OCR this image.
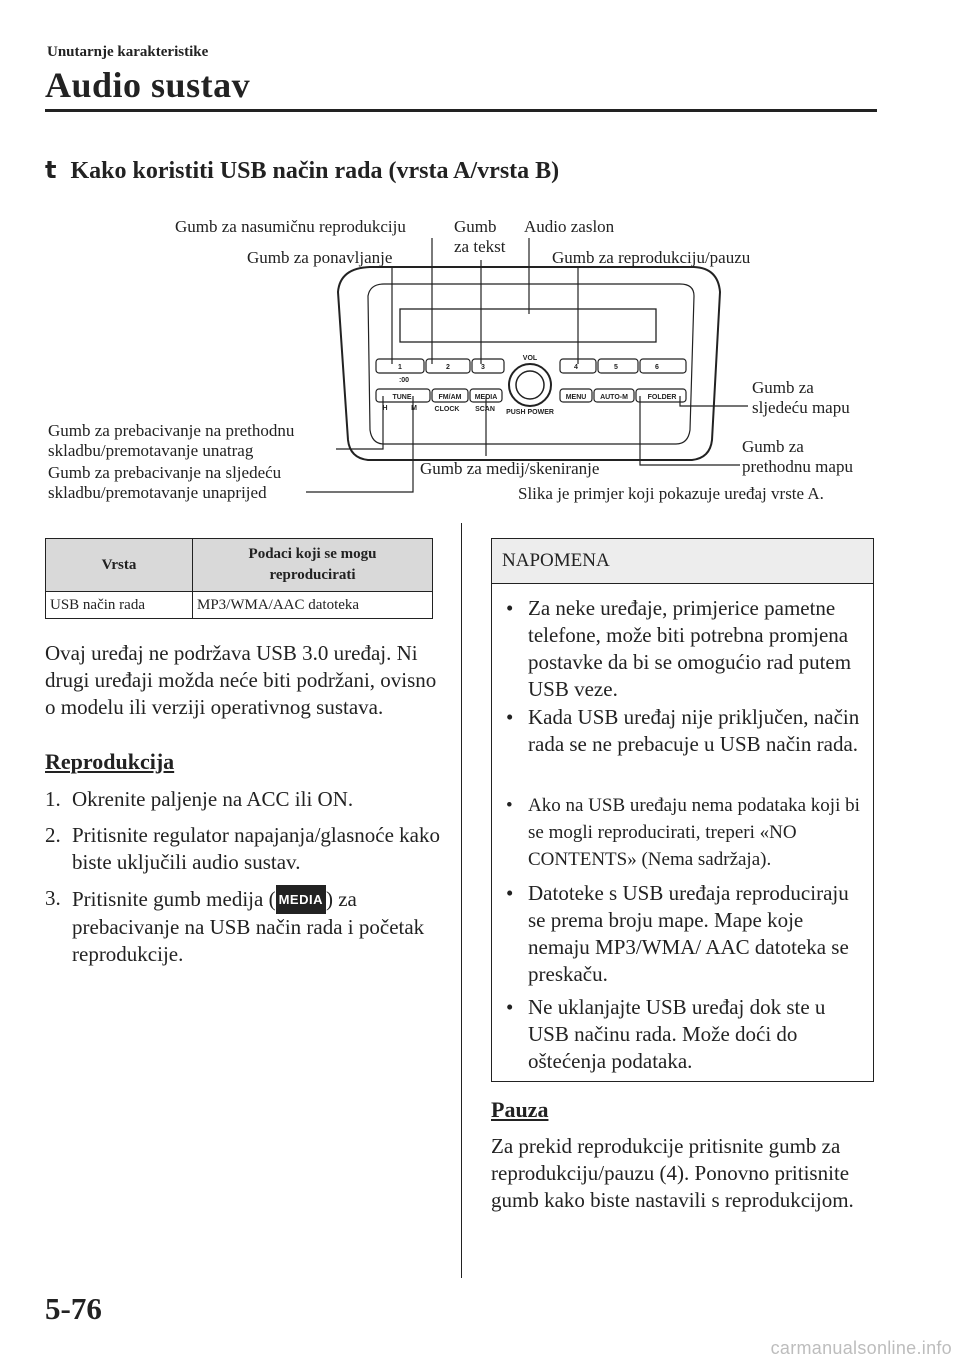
Unutarnje karakteristike
Audio sustav
t Kako koristiti USB način rada (vrsta A/vrsta B)
1	2	3	4	5	6
VOL
:00
TUNE	FM/AM MEDIA	MENU AUTO-M	FOLDER
CLOCK SCAN PUSH POWER
H	M
Gumb za nasumičnu reprodukciju
Gumb za ponavljanje
Gumb
za tekst
Audio zaslon
Gumb za reprodukciju/pauzu
Gumb za
sljedeću mapu
Gumb za prebacivanje na prethodnu
skladbu/premotavanje unatrag	Gumb za
prethodnu mapu
Gumb za prebacivanje na sljedeću
skladbu/premotavanje unaprijed
Gumb za medij/skeniranje
Slika je primjer koji pokazuje uređaj vrste A.
Vrsta	Podaci koji se mogu
reproducirati
USB način rada	MP3/WMA/AAC datoteka
Ovaj uređaj ne podržava USB 3.0 uređaj. Ni drugi uređaji možda neće biti podržani, ovisno o modelu ili verziji operativnog sustava.
Reprodukcija
1. Okrenite paljenje na ACC ili ON.
2. Pritisnite regulator napajanja/glasnoće kako biste uključili audio sustav.
3. Pritisnite gumb medija ( MEDIA ) za prebacivanje na USB način rada i početak reprodukcije.
NAPOMENA
• Za neke uređaje, primjerice pametne telefone, može biti potrebna promjena postavke da bi se omogućio rad putem USB veze.
• Kada USB uređaj nije priključen, način rada se ne prebacuje u USB način rada.
• Ako na USB uređaju nema podataka koji bi se mogli reproducirati, treperi «NO CONTENTS» (Nema sadržaja).
• Datoteke s USB uređaja reproduciraju se prema broju mape. Mape koje nemaju MP3/WMA/ AAC datoteka se preskaču.
• Ne uklanjajte USB uređaj dok ste u USB načinu rada. Može doći do oštećenja podataka.
Pauza
Za prekid reprodukcije pritisnite gumb za reprodukciju/pauzu (4). Ponovno pritisnite gumb kako biste nastavili s reprodukcijom.
5-76
carmanualsonline.info
